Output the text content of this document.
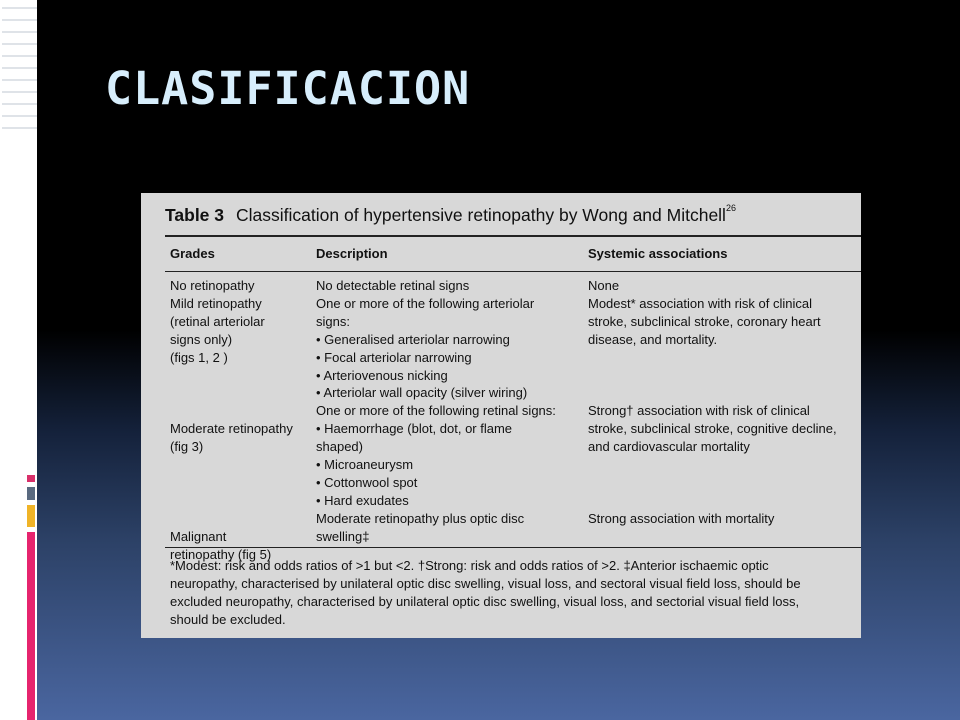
CLASIFICACION
Table 3 Classification of hypertensive retinopathy by Wong and Mitchell$^{26}$
Grades	Description	Systemic associations
No retinopathy
Mild retinopathy
(retinal arteriolar
signs only)
(figs 1, 2 )

Moderate retinopathy
(fig 3)

Malignant
retinopathy (fig 5)
No detectable retinal signs
One or more of the following arteriolar
signs:
• Generalised arteriolar narrowing
• Focal arteriolar narrowing
• Arteriovenous nicking
• Arteriolar wall opacity (silver wiring)
One or more of the following retinal signs:
• Haemorrhage (blot, dot, or flame
shaped)
• Microaneurysm
• Cottonwool spot
• Hard exudates
Moderate retinopathy plus optic disc
swelling‡
None
Modest* association with risk of clinical
stroke, subclinical stroke, coronary heart
disease, and mortality.

Strong† association with risk of clinical
stroke, subclinical stroke, cognitive decline,
and cardiovascular mortality

Strong association with mortality
*Modest: risk and odds ratios of >1 but <2. †Strong: risk and odds ratios of >2. ‡Anterior ischaemic optic
neuropathy, characterised by unilateral optic disc swelling, visual loss, and sectoral visual field loss, should be
excluded neuropathy, characterised by unilateral optic disc swelling, visual loss, and sectorial visual field loss,
should be excluded.
